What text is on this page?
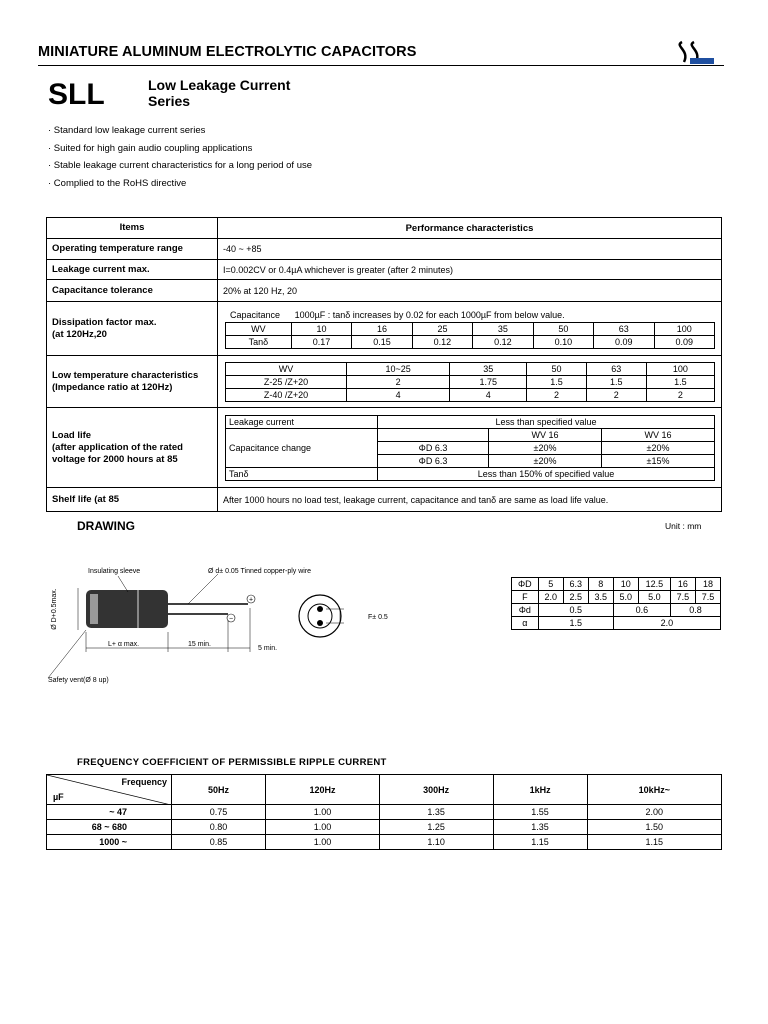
MINIATURE ALUMINUM ELECTROLYTIC CAPACITORS
SLL	Low Leakage Current
Series
· Standard low leakage current series
· Suited for high gain audio coupling applications
· Stable leakage current characteristics for a long period of use
· Complied to the RoHS directive
Items	Performance characteristics
Operating temperature range	-40 ~ +85
Leakage current max.	I=0.002CV or 0.4µA whichever is greater (after 2 minutes)
Capacitance tolerance	20% at 120 Hz, 20

Dissipation factor max.
(at 120Hz,20

Capacitance 1000µF : tanδ increases by 0.02 for each 1000µF from below value.
WV	10	16	25	35	50	63	100
Tanδ	0.17	0.15	0.12	0.12	0.10	0.09	0.09

Low temperature characteristics
(Impedance ratio at 120Hz)

WV	10~25	35	50	63	100
Z-25 /Z+20	2	1.75	1.5	1.5	1.5
Z-40 /Z+20	4	4	2	2	2

Load life
(after application of the rated
voltage for 2000 hours at 85

Leakage current	Less than specified value
Capacitance change		WV 16	WV 16
ΦD 6.3	±20%	±20%
ΦD 6.3	±20%	±15%
Tanδ	Less than 150% of specified value

Shelf life (at 85	After 1000 hours no load test, leakage current, capacitance and tanδ are same as load life value.
DRAWING	Unit : mm
+
−
Insulating sleeve	Ø d± 0.05 Tinned copper-ply wire
Ø D+0.5max.
L+ α max.	15 min.
5 min.
Safety vent(Ø 8 up)
F± 0.5
ΦD	5	6.3	8	10	12.5	16	18
F	2.0	2.5	3.5	5.0	5.0	7.5	7.5
Φd	0.5			0.6		0.8	
α	1.5			2.0			
FREQUENCY COEFFICIENT OF PERMISSIBLE RIPPLE CURRENT
Frequency
µF	50Hz	120Hz	300Hz	1kHz	10kHz~
~ 47	0.75	1.00	1.35	1.55	2.00
68 ~ 680	0.80	1.00	1.25	1.35	1.50
1000 ~	0.85	1.00	1.10	1.15	1.15
